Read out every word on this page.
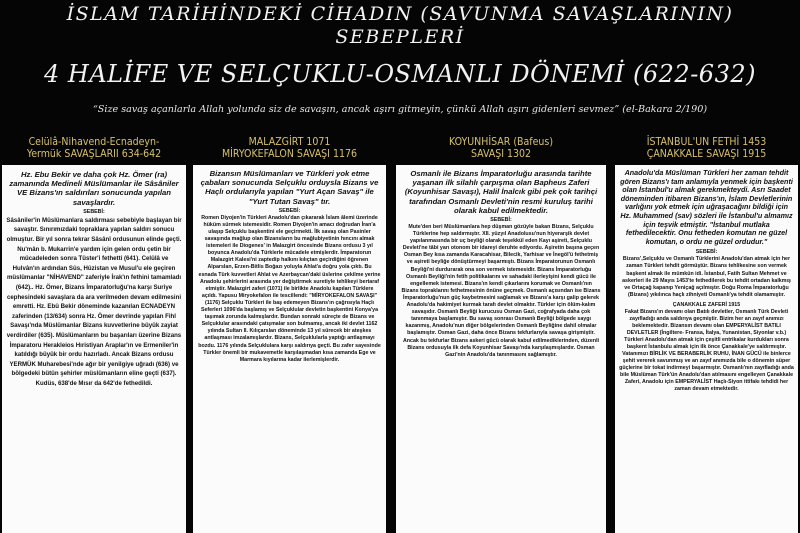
İSLAM TARİHİNDEKİ CİHADIN (SAVUNMA SAVAŞLARININ)
SEBEPLERİ
4 HALİFE VE SELÇUKLU-OSMANLI DÖNEMİ (622-632)
“Size savaş açanlarla Allah yolunda siz de savaşın, ancak aşırı gitmeyin, çünkü Allah aşırı gidenleri sevmez” (el-Bakara 2/190)
Celülâ-Nihavend-Ecnadeyn-
Yermük SAVAŞLARII 634-642

Hz. Ebu Bekir ve daha çok Hz. Ömer (ra) zamanında Medineli Müslümanlar ile Sâsâniler VE Bizans'ın saldırıları sonucunda yapılan savaşlardır.

SEBEBİ:

Sâsâniler'in Müslümanlara saldırması sebebiyle başlayan bir savaştır. Sınırımızdaki topraklara yapılan saldırı sonucu olmuştur. Bir yıl sonra tekrar Sâsânî ordusunun elinde geçti. Nu'mân b. Mukarrin'e yardım için gelen ordu çetin bir mücadeleden sonra Tüster'i fethetti (641). Celûlâ ve Hulvân'ın ardından Sûs, Hûzistan ve Musul'u ele geçiren müslümanlar "NİHAVEND" zaferiyle İrak'ın fethini tamamladı (642).. Hz. Ömer, Bizans İmparatorluğu'na karşı Suriye cephesindeki savaşlara da ara verilmeden devam edilmesini emretti. Hz. Ebû Bekir döneminde kazanılan ECNADEYN zaferinden (13/634) sonra Hz. Ömer devrinde yapılan Fihl Savaşı'nda Müslümanlar Bizans kuvvetlerine büyük zayiat verdirdiler (635). Müslümanların bu başarıları üzerine Bizans İmparatoru Herakleios Hıristiyan Araplar'ın ve Ermeniler'in katıldığı büyük bir ordu hazırladı. Ancak Bizans ordusu YERMÜK Muharebesi'nde ağır bir yenilgiye uğradı (636) ve bölgedeki bütün şehirler müslümanların eline geçti (637). Kudüs, 638'de Mısır da 642'de fethedildi.

MALAZGİRT 1071
MİRYOKEFALON SAVAŞI 1176

Bizansın Müslümanları ve Türkleri yok etme çabaları sonucunda Selçuklu orduysla Bizans ve Haçlı ordularıyla yapılan "Yurt Açan Savaş" ile "Yurt Tutan Savaş" tır.

SEBEBİ:

Romen Diyojen'in Türkleri Anadolu'dan çıkararak İslam âlemi üzerinde hüküm sürmek istemesidir. Romen Diyojen'in amacı doğrudan İran'a ulaşıp Selçuklu başkentini ele geçirmekti. İlk savaş olan Pasinler savaşında mağlup olan Bizansların bu mağlubiyetinin hıncını almak istemeleri ile Diogenes' in Malazgirt öncesinde Bizans ordusu 3 yıl boyunca Anadolu'da Türklerle mücadele etmişlerdir. İmparatorun Malazgirt Kalesi'ni zaptedip halkını kılıçtan geçirdiğini öğrenen Alparslan, Erzen-Bitlis Boğazı yoluyla Ahlat'a doğru yola çıktı. Bu esnada Türk kuvvetleri Ahlat ve Azerbaycan'daki üslerine çekilme yerine Anadolu şehirlerini arasında yer değiştirmek suretiyle tehlikeyi bertaraf etmiştir. Malazgirt zaferi (1071) ile birlikte Anadolu kapıları Türklere açıldı. Yapusu Miryokefalon ile tescillendi: "MİRYOKEFALON SAVAŞI" (1176) Selçuklu Türkleri ile baş edemeyen Bizans'ın çağrısıyla Haçlı Seferleri 1096'da başlamış ve Selçuklular devletin başkentini Konya'ya taşımak zorunda kalmışlardır. Bundan sonraki süreçte de Bizans ve Selçuklular arasındaki çatışmalar son bulmamış, ancak iki devlet 1162 yılında Sultan II. Kılıçarslan döneminde 13 yıl sürecek bir ateşkes antlaşması imzalamışlardır. Bizans, Selçuklularla yaptığı antlaşmayı bozdu. 1176 yılında Selçuklulara karşı saldırıya geçti. Bu zafer sayesinde Türkler önemli bir mukavemetle karşılaşmadan kısa zamanda Ege ve Marmara kıyılarına kadar ilerlemişlerdir.

KOYUNHİSAR (Bafeus)
SAVAŞI 1302

Osmanlı ile Bizans İmparatorluğu arasında tarihte yaşanan ilk silahlı çarpışma olan Bapheus Zaferi (Koyunhisar Savaşı), Halil İnalcık gibi pek çok tarihçi tarafından Osmanlı Devleti'nin resmi kuruluş tarihi olarak kabul edilmektedir.

SEBEBİ:

Mute'den beri Müslümanlara hep düşman gözüyle bakan Bizans, Selçuklu Türklerine hep saldırmıştır. XII. yüzyıl Anadolusu'nun hiyerarşik devlet yapılanmasında bir uç beyliği olarak teşekkül eden Kayı aşireti, Selçuklu Devleti'ne tâbi yarı otonom bir idareyi deruhte ediyordu. Aşiretin başına geçen Osman Bey kısa zamanda Karacahisar, Bilecik, Yarhisar ve İnegöl'ü fethetmiş ve aşireti beyliğe dönüştürmeyi başarmıştı. Bizans İmparatorunun Osmanlı Beyliği'ni durdurarak ona son vermek istemesidir. Bizans İmparatorluğu Osmanlı Beyliği'nin fetih politikalarını ve sahadaki ilerleyişini kendi gücü ile engellemek istemesi. Bizans'ın kendi çıkarlarını korumak ve Osmanlı'nın Bizans topraklarını fethetmesinin önüne geçmek. Osmanlı açısından ise Bizans İmparatorluğu'nun güç kaybetmesini sağlamak ve Bizans'a karşı galip gelerek Anadolu'da hakimiyet kurmak tarafı devlet olmaktır. Türkler için ölüm-kalım savaşıdır. Osmanlı Beyliği kurucusu Osman Gazi, coğrafyada daha çok tanınmaya başlamıştır. Bu savaş sonrası Osmanlı Beyliği bölgede saygı kazanmış, Anadolu'nun diğer bölgelerinden Osmanlı Beyliğine dahil olmalar başlamıştır. Osman Gazi, daha önce Bizans tekfurlarıyla savaşa girişmiştir. Ancak bu tekfurlar Bizans askeri gücü olarak kabul edilmediklerinden, düzenli Bizans ordusuyla ilk defa Koyunhisar Savaşı'nda karşılaşmışlardır. Osman Gazi'nin Anadolu'da tanınmasını sağlamıştır.

İSTANBUL'UN FETHİ 1453
ÇANAKKALE SAVAŞI 1915

Anadolu'da Müslüman Türkleri her zaman tehdit gören Bizans'ı tam anlamıyla yenmek için başkenti olan İstanbul'u almak gerekmekteydi. Asrı Saadet döneminden itibaren Bizans'ın, İslam Devletlerinin varlığını yok etmek için uğraşacağını bildiği için Hz. Muhammed (sav) sözleri ile İstanbul'u almamız için teşvik etmiştir. "İstanbul mutlaka fethedilecektir. Onu fetheden komutan ne güzel komutan, o ordu ne güzel ordudur."

SEBEBİ:

Bizans',Selçuklu ve Osmanlı Türklerini Anadolu'dan atmak için her zaman Türkleri tehdit görmüştür. Bizans tehlikesine son vermek başkent almak ile mümkün idi. İstanbul, Fatih Sultan Mehmet ve askerleri ile 29 Mayıs 1453'te fethedilerek bu tehdit ortadan kalkmış ve Ortaçağ kapanıp Yeniçağ açılmıştır. Doğu Roma İmparatorluğu (Bizans) yıkılınca haçlı zihniyeti Osmanlı'ya tehdit olamamıştır.

ÇANAKKALE ZAFERİ 1915

Fakat Bizans'ın devamı olan Batılı devletler, Osmanlı Türk Devleti zayıfladığı anda saldırıya geçmiştir. Bizim her an zayıf anımızı beklemektedir. Bizansın devamı olan EMPERYALİST BATILI DEVLETLER (İngiltere- Fransa, İtalya, Yunanistan, Siyonlar v.b.) Türkleri Anadolu'dan atmak için çeşitli entrikalar kurdukları sonra başkent İstanbulu almak için ilk önce Çanakkale'ye saldırmıştır. Vatanımızı BİRLİK VE BERABERLİK RUHU, İNAN GÜCÜ ile binlerce şehit vererek savunmuş ve an zayıf anımızda bile o dönemin süper güçlerine bir tokat indirmeyi başarmıştır. Osmanlı'nın zayıfladığı anda bile Müslüman Türk'ün Anadolu'dan atılmasını engelleyen Çanakkale Zaferi, Anadolu için EMPERYALİST Haçlı-Siyon ittifakı tehdidi her zaman devam etmektedir.
